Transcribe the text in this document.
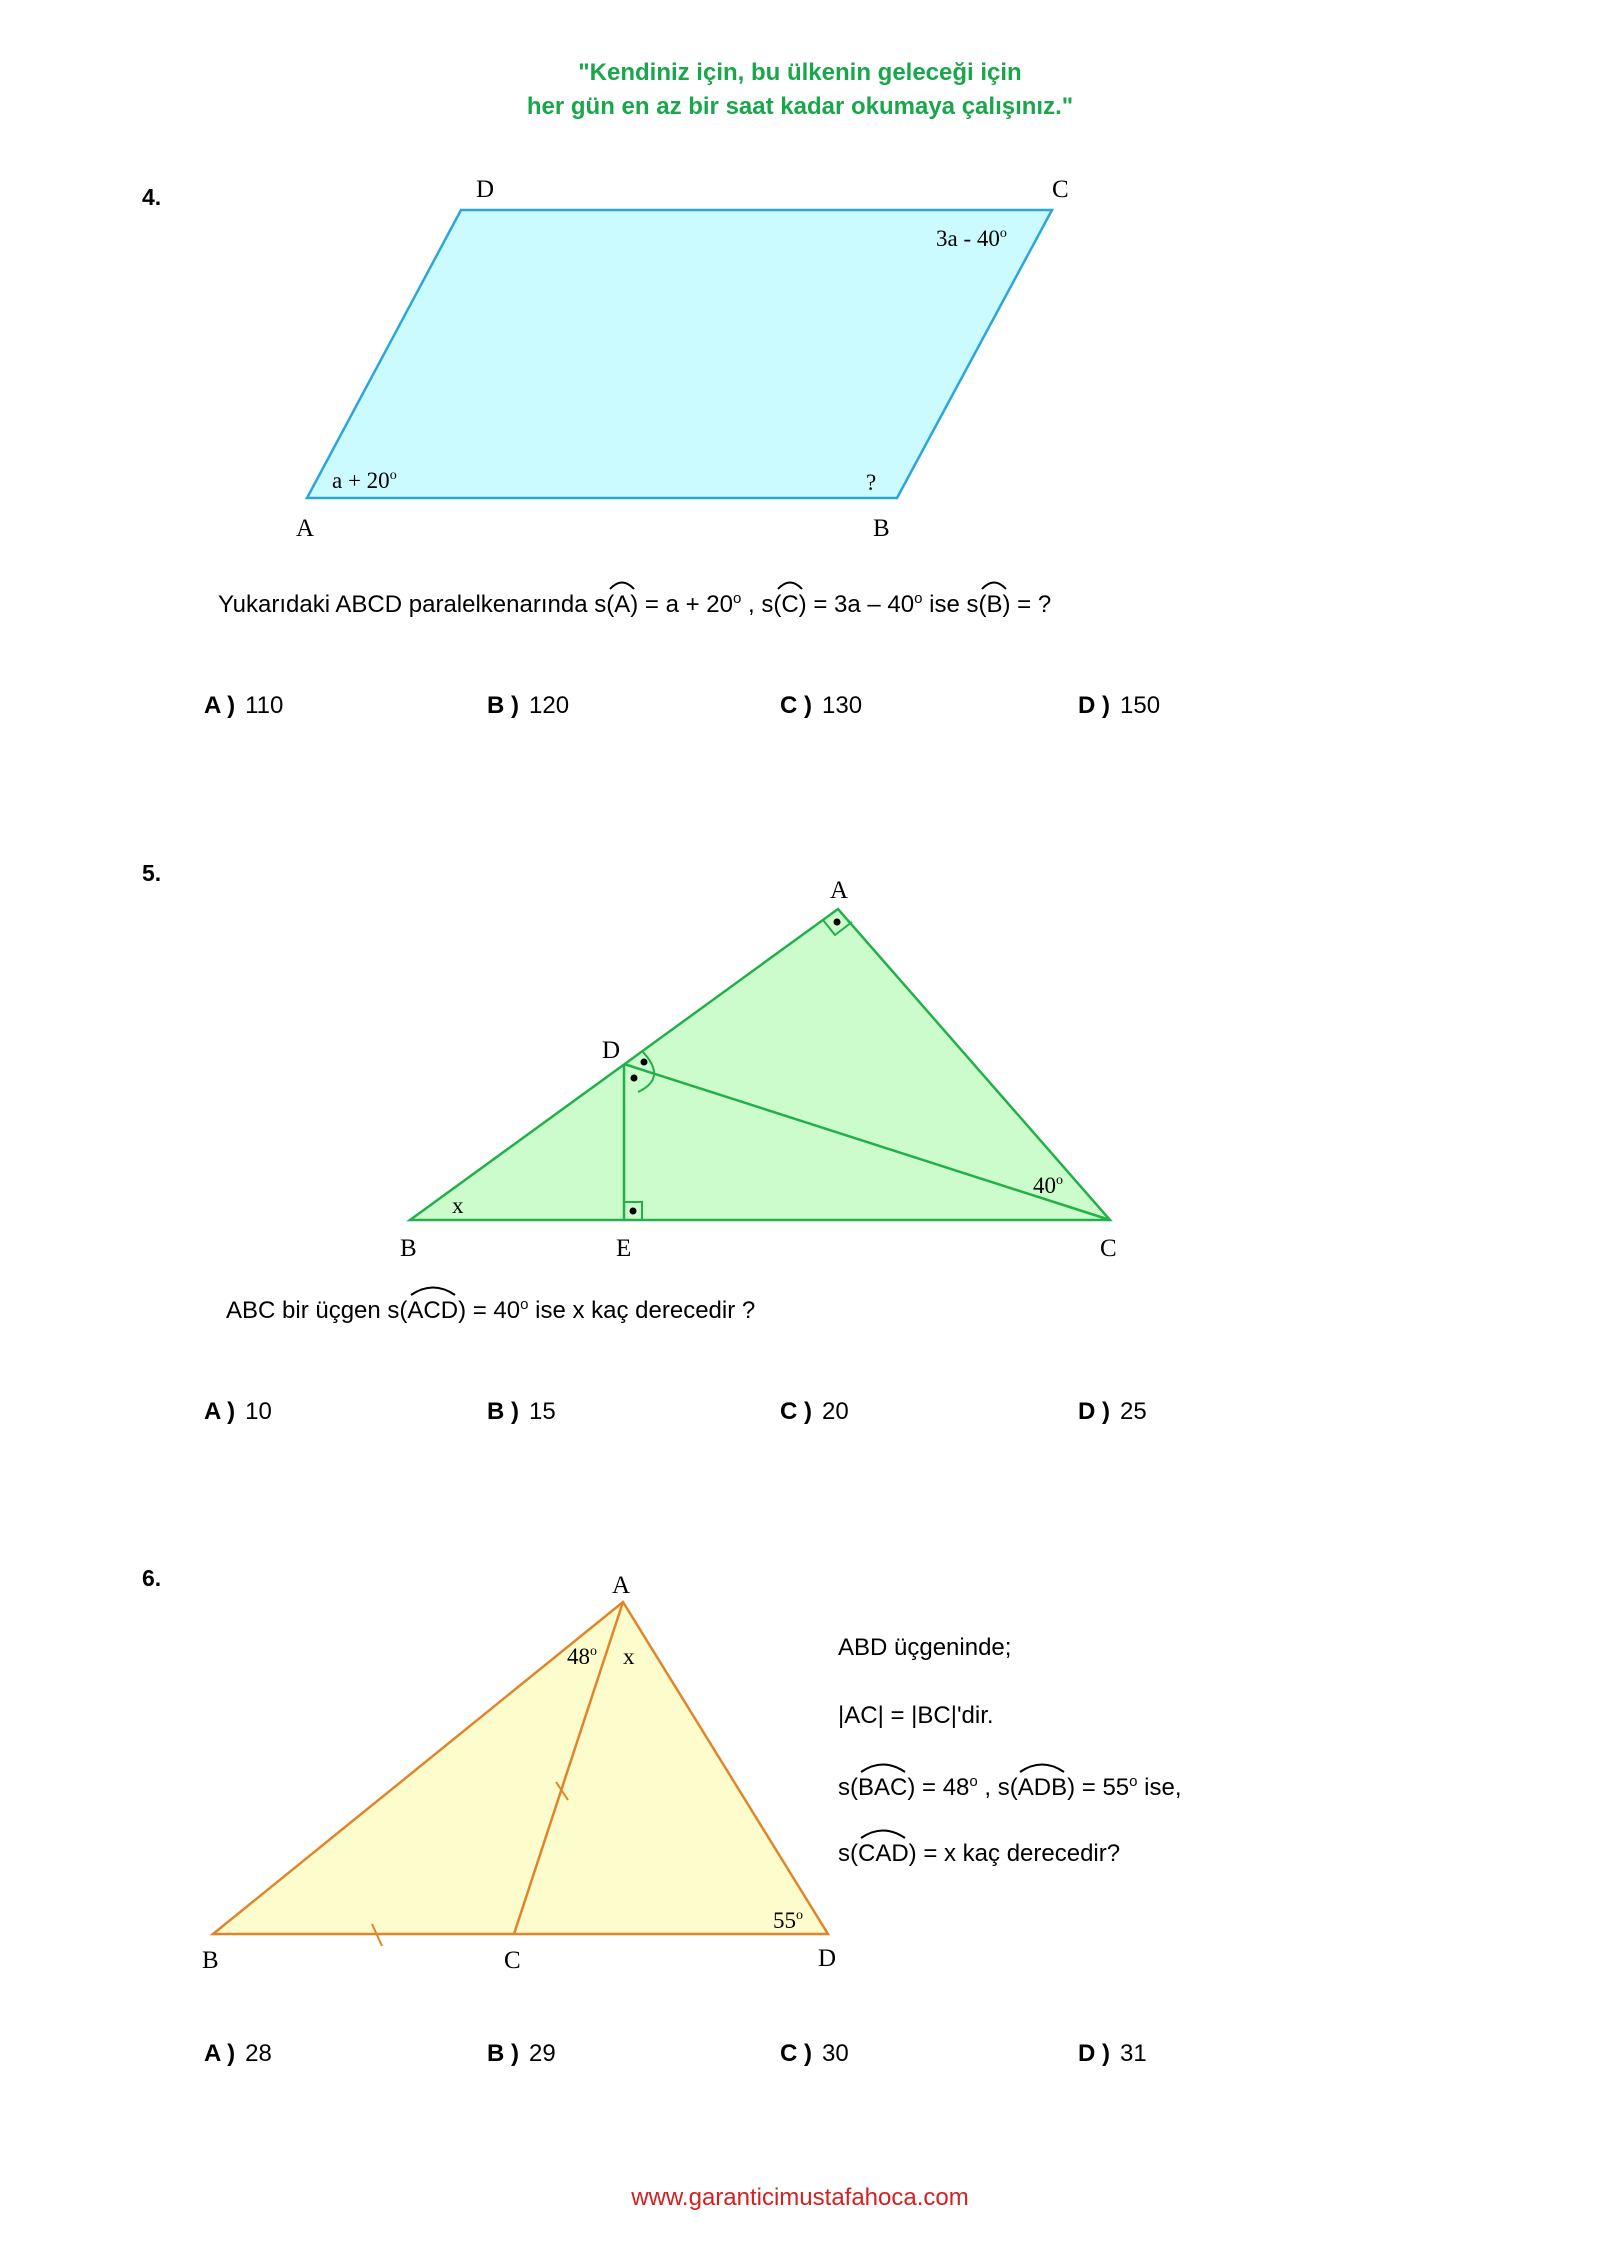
"Kendiniz için, bu ülkenin geleceği için
her gün en az bir saat kadar okumaya çalışınız."
4.	D	C
A	B
$a + 20^o$
3a - 40$^o$
?
Yukarıdaki ABCD paralelkenarında s(
$A) = a + 20^o$ , s(
C) = 3a – 40$^o$ ise s(
B) = ?
A ) 110	B ) 120	C ) 130	D ) 150
5.
A
D
B	E	C
x
40$^o$
ABC bir üçgen s(
$ACD) = 40^o$ ise x kaç derecedir ?
A ) 10	B ) 15	C ) 20	D ) 25
6.	A
B	C	D
48$^o$ x
55$^o$
ABD üçgeninde;
|AC| = |BC|'dir.
s(
$BAC) = 48^o$ , s(
$ADB) = 55^o$ ise,
s(
CAD) = x kaç derecedir?
A ) 28	B ) 29	C ) 30	D ) 31
www.garanticimustafahoca.com
